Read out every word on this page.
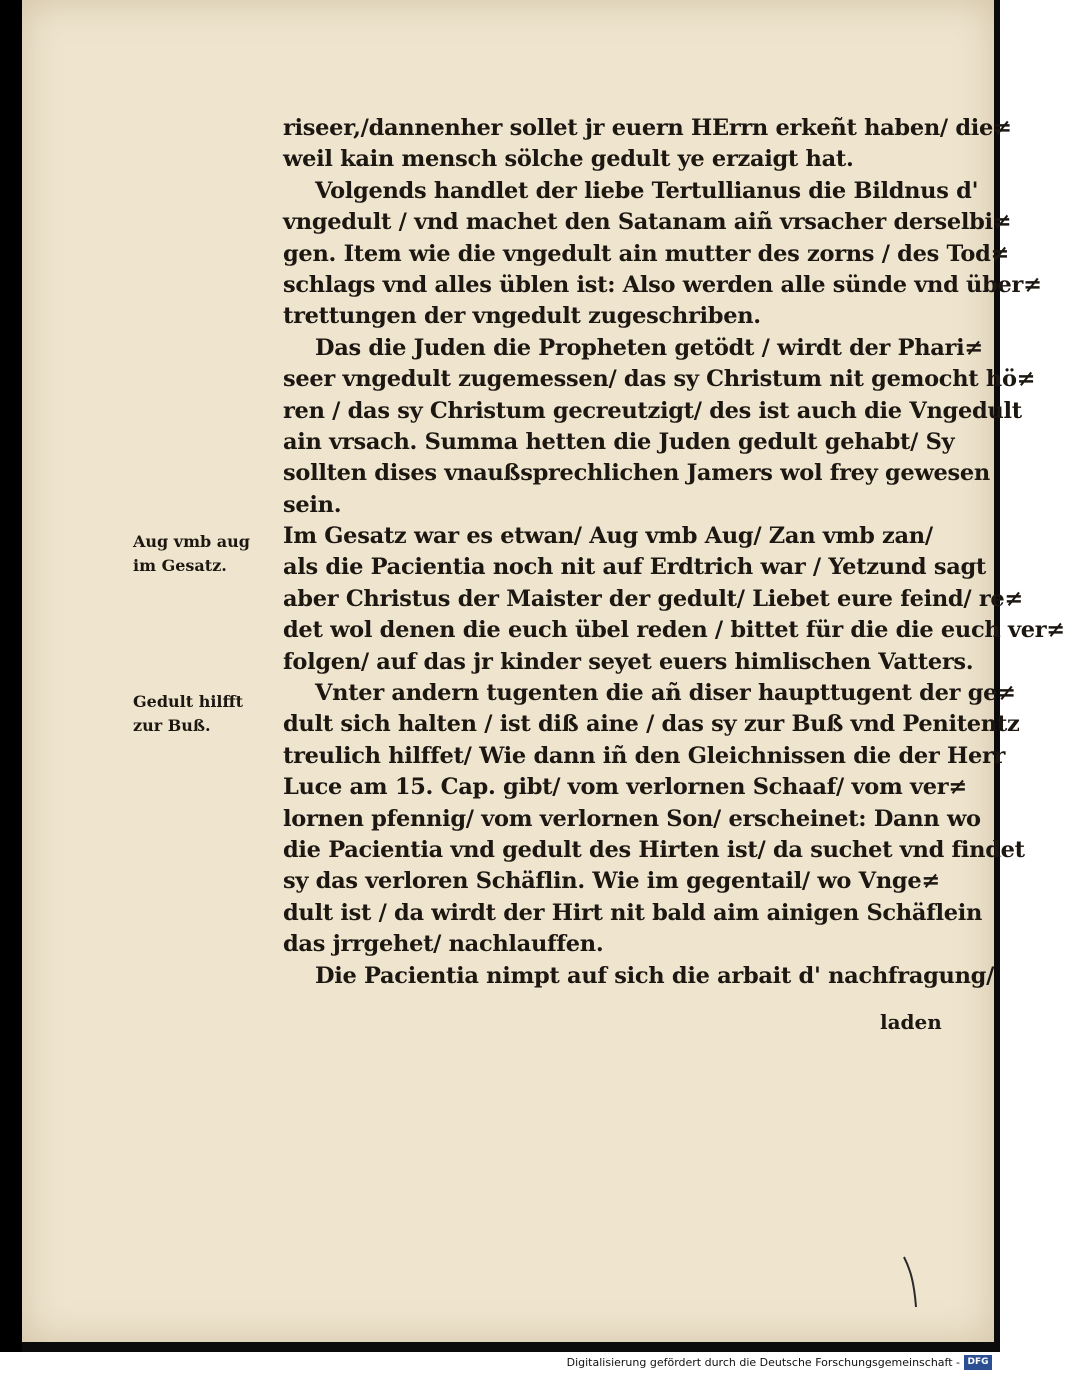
riseer,/dannenher sollet jr euern HErrn erkeñt haben/ die≠
weil kain mensch sölche gedult ye erzaigt hat.
Volgends handlet der liebe Tertullianus die Bildnus d'
vngedult / vnd machet den Satanam aiñ vrsacher derselbi≠
gen. Item wie die vngedult ain mutter des zorns / des Tod≠
schlags vnd alles üblen ist: Also werden alle sünde vnd über≠
trettungen der vngedult zugeschriben.
Das die Juden die Propheten getödt / wirdt der Phari≠
seer vngedult zugemessen/ das sy Christum nit gemocht hö≠
ren / das sy Christum gecreutzigt/ des ist auch die Vngedult
ain vrsach. Summa hetten die Juden gedult gehabt/ Sy
sollten dises vnaußsprechlichen Jamers wol frey gewesen
sein.
Im Gesatz war es etwan/ Aug vmb Aug/ Zan vmb zan/
als die Pacientia noch nit auf Erdtrich war / Yetzund sagt
aber Christus der Maister der gedult/ Liebet eure feind/ re≠
det wol denen die euch übel reden / bittet für die die euch ver≠
folgen/ auf das jr kinder seyet euers himlischen Vatters.
Vnter andern tugenten die añ diser haupttugent der ge≠
dult sich halten / ist diß aine / das sy zur Buß vnd Penitentz
treulich hilffet/ Wie dann iñ den Gleichnissen die der Herr
Luce am 15. Cap. gibt/ vom verlornen Schaaf/ vom ver≠
lornen pfennig/ vom verlornen Son/ erscheinet: Dann wo
die Pacientia vnd gedult des Hirten ist/ da suchet vnd findet
sy das verloren Schäflin. Wie im gegentail/ wo Vnge≠
dult ist / da wirdt der Hirt nit bald aim ainigen Schäflein
das jrrgehet/ nachlauffen.
Die Pacientia nimpt auf sich die arbait d' nachfragung/
Aug vmb aug
im Gesatz.
Gedult hilfft
zur Buß.
laden
Digitalisierung gefördert durch die Deutsche Forschungsgemeinschaft - DFG
